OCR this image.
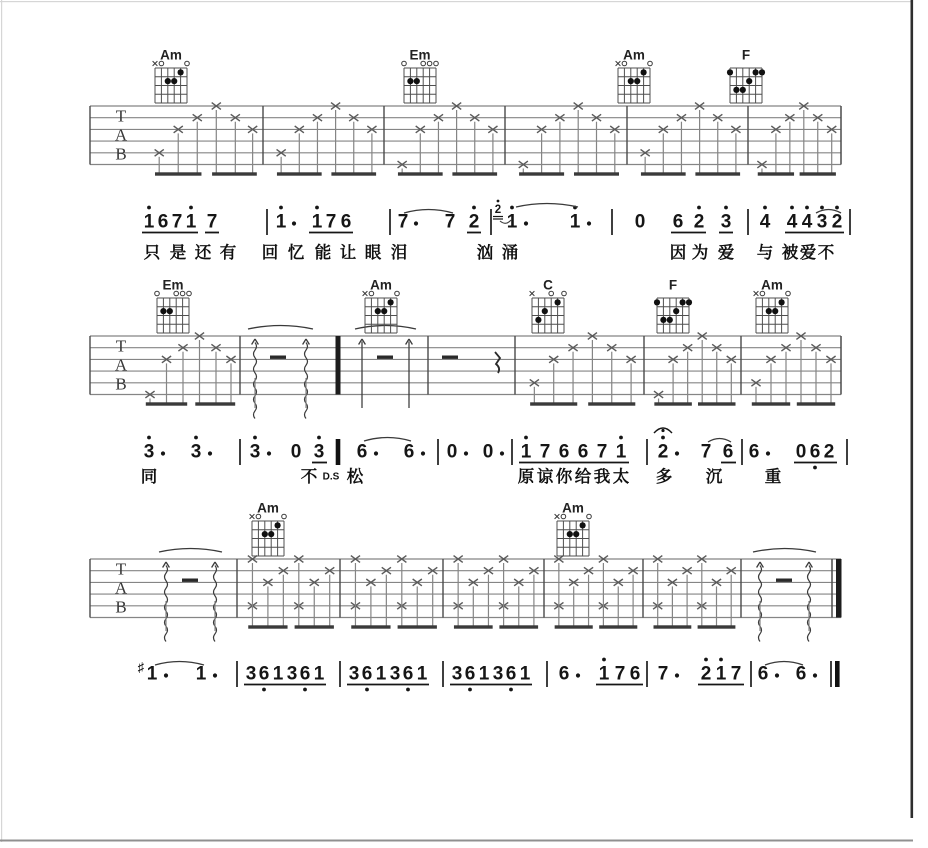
T
A
B
Am	Em	Am	F
T
A
B
Em	Am	C	F	Am
T
A
B
Am	Am
1 6 7 1 7	1 1 7 6 7 7 2
2
1	1	0 6 2 3 4 4 4 3 2
只 是 还 有 回 忆 能 让 眼 泪	汹 涌	因 为 爱 与 被 爱 不
3 3	3 0 3 6 6 0 0 1 7 6 6 7 1 2 7 6 6 0 6 2
同	不 D.S 松	原 谅 你 给 我 太 多 沉	重
♯ 1 1 3 6 1 3 6 1 3 6 1 3 6 1 3 6 1 3 6 1 6 1 7 6 7 2 1 7 6 6
